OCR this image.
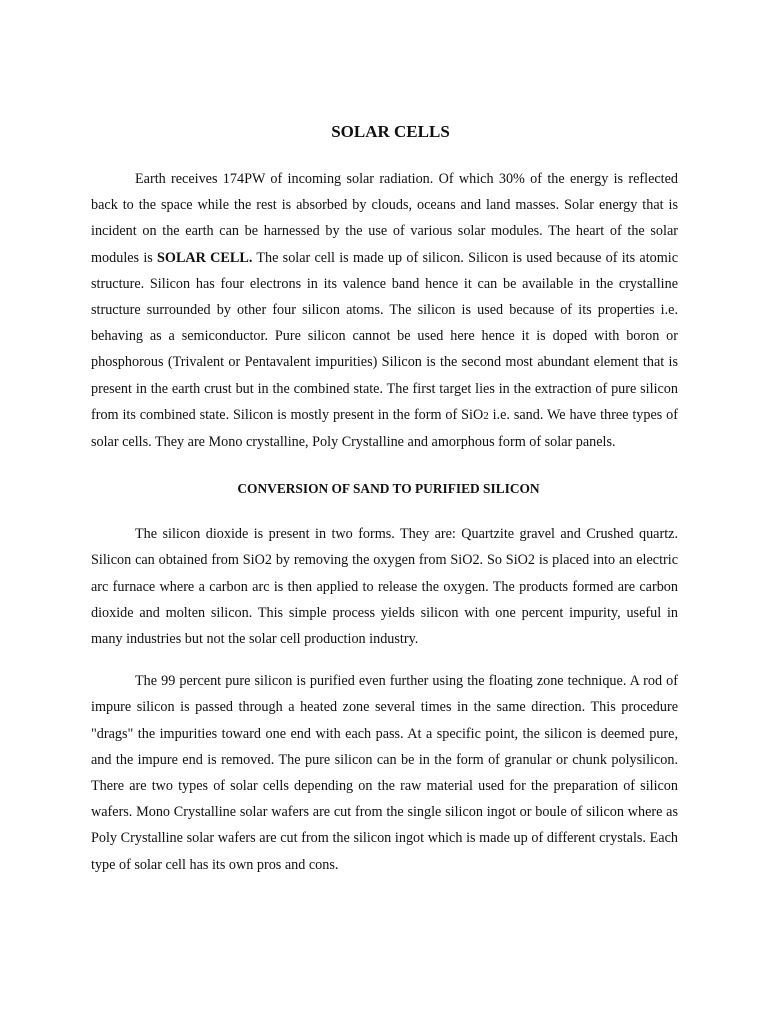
SOLAR CELLS

Earth receives 174PW of incoming solar radiation. Of which 30% of the energy is reflected back to the space while the rest is absorbed by clouds, oceans and land masses. Solar energy that is incident on the earth can be harnessed by the use of various solar modules. The heart of the solar modules is SOLAR CELL. The solar cell is made up of silicon. Silicon is used because of its atomic structure. Silicon has four electrons in its valence band hence it can be available in the crystalline structure surrounded by other four silicon atoms. The silicon is used because of its properties i.e. behaving as a semiconductor. Pure silicon cannot be used here hence it is doped with boron or phosphorous (Trivalent or Pentavalent impurities) Silicon is the second most abundant element that is present in the earth crust but in the combined state. The first target lies in the extraction of pure silicon from its combined state. Silicon is mostly present in the form of SiO2 i.e. sand. We have three types of solar cells. They are Mono crystalline, Poly Crystalline and amorphous form of solar panels.

CONVERSION OF SAND TO PURIFIED SILICON

The silicon dioxide is present in two forms. They are: Quartzite gravel and Crushed quartz. Silicon can obtained from SiO2 by removing the oxygen from SiO2. So SiO2 is placed into an electric arc furnace where a carbon arc is then applied to release the oxygen. The products formed are carbon dioxide and molten silicon. This simple process yields silicon with one percent impurity, useful in many industries but not the solar cell production industry.

The 99 percent pure silicon is purified even further using the floating zone technique. A rod of impure silicon is passed through a heated zone several times in the same direction. This procedure "drags" the impurities toward one end with each pass. At a specific point, the silicon is deemed pure, and the impure end is removed. The pure silicon can be in the form of granular or chunk polysilicon. There are two types of solar cells depending on the raw material used for the preparation of silicon wafers. Mono Crystalline solar wafers are cut from the single silicon ingot or boule of silicon where as Poly Crystalline solar wafers are cut from the silicon ingot which is made up of different crystals. Each type of solar cell has its own pros and cons.
